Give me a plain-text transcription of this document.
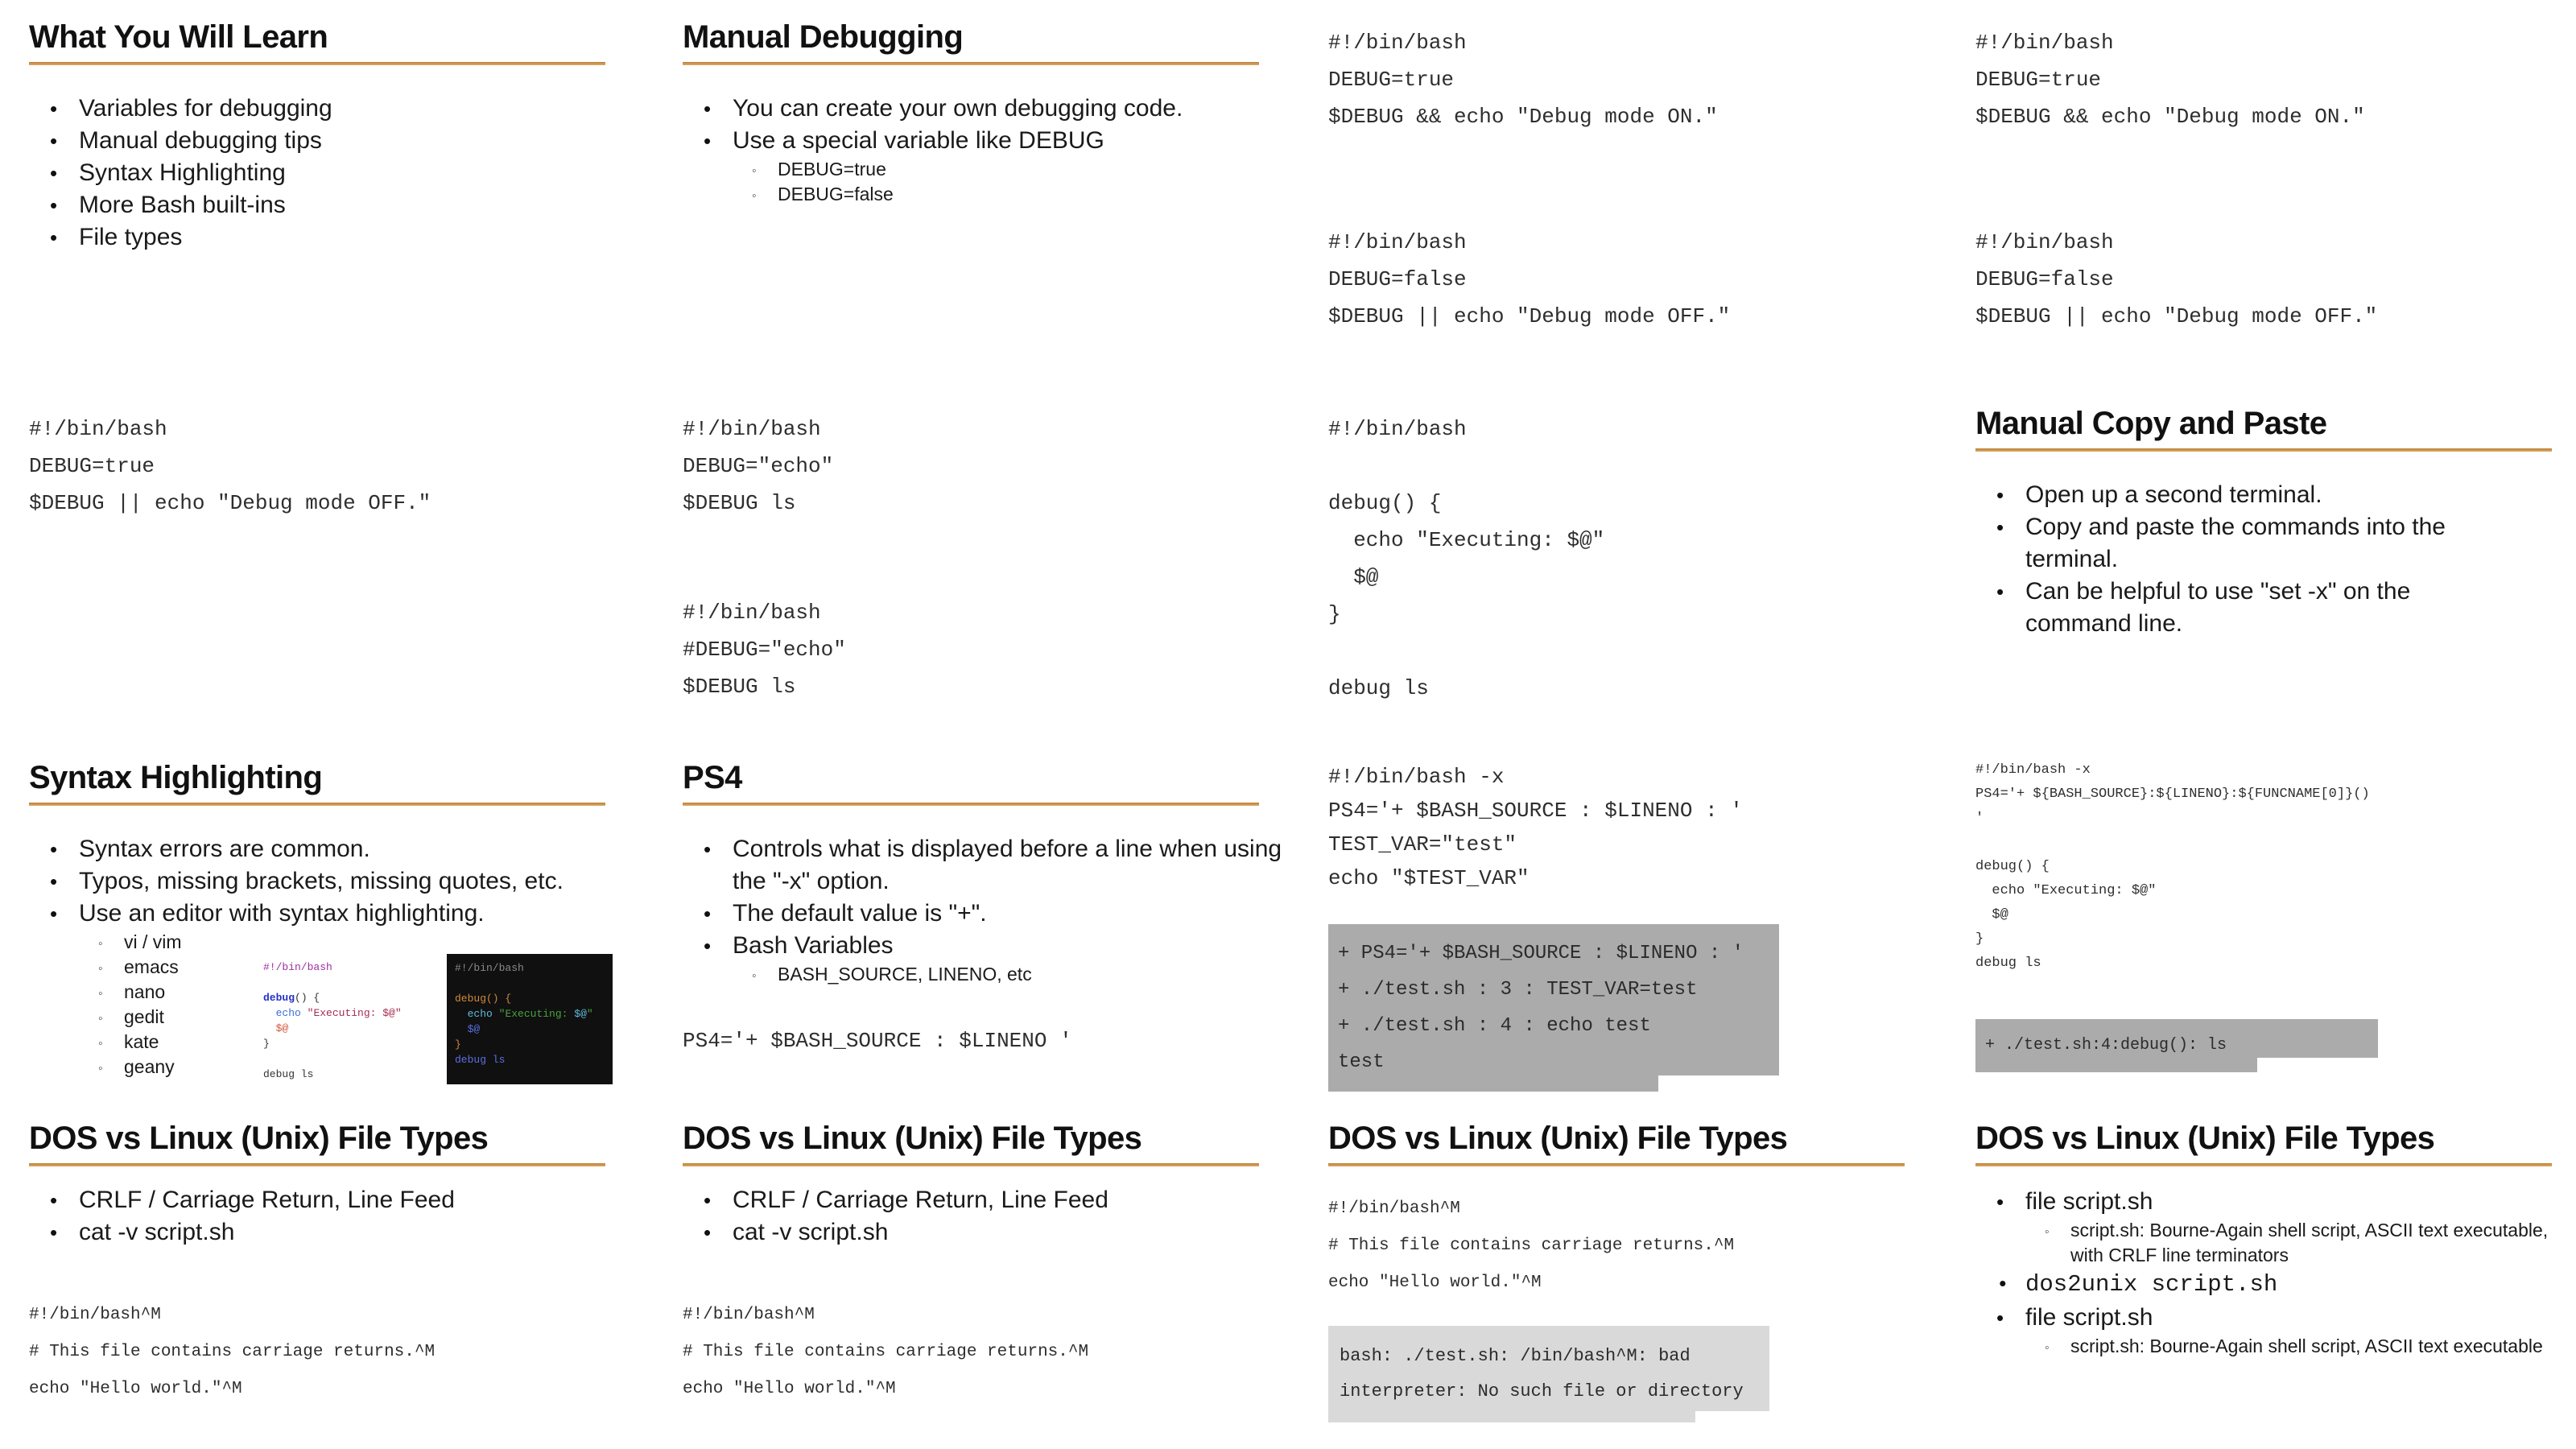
What You Will Learn
• Variables for debugging
• Manual debugging tips
• Syntax Highlighting
• More Bash built-ins
• File types
Manual Debugging
• You can create your own debugging code.
• Use a special variable like DEBUG
◦ DEBUG=true
◦ DEBUG=false
#!/bin/bash
DEBUG=true
$DEBUG && echo "Debug mode ON."
#!/bin/bash
DEBUG=false
$DEBUG || echo "Debug mode OFF."
#!/bin/bash
DEBUG=true
$DEBUG && echo "Debug mode ON."
#!/bin/bash
DEBUG=false
$DEBUG || echo "Debug mode OFF."
#!/bin/bash
DEBUG=true
$DEBUG || echo "Debug mode OFF."
#!/bin/bash
DEBUG="echo"
$DEBUG ls
#!/bin/bash
#DEBUG="echo"
$DEBUG ls
#!/bin/bash
debug() {
echo "Executing: $@"
$@
}
debug ls
Manual Copy and Paste
• Open up a second terminal.
• Copy and paste the commands into the terminal.
• Can be helpful to use "set -x" on the command line.
Syntax Highlighting
• Syntax errors are common.
• Typos, missing brackets, missing quotes, etc.
• Use an editor with syntax highlighting.
◦ vi / vim
◦ emacs
◦ nano
◦ gedit
◦ kate
◦ geany
#!/bin/bash
debug() {
echo "Executing: $@"
$@
}
debug ls
#!/bin/bash
debug() {
echo "Executing: $@"
$@
}
debug ls
PS4
• Controls what is displayed before a line when using the "-x" option.
• The default value is "+".
• Bash Variables
◦ BASH_SOURCE, LINENO, etc
PS4='+ $BASH_SOURCE : $LINENO '
#!/bin/bash -x
PS4='+ $BASH_SOURCE : $LINENO : '
TEST_VAR="test"
echo "$TEST_VAR"
+ PS4='+ $BASH_SOURCE : $LINENO : '
+ ./test.sh : 3 : TEST_VAR=test
+ ./test.sh : 4 : echo test
test
#!/bin/bash -x
PS4='+ ${BASH_SOURCE}:${LINENO}:${FUNCNAME[0]}()
'
debug() {
echo "Executing: $@"
$@
}
debug ls
+ ./test.sh:4:debug(): ls
DOS vs Linux (Unix) File Types
• CRLF / Carriage Return, Line Feed
• cat -v script.sh
#!/bin/bash^M
# This file contains carriage returns.^M
echo "Hello world."^M
DOS vs Linux (Unix) File Types
• CRLF / Carriage Return, Line Feed
• cat -v script.sh
#!/bin/bash^M
# This file contains carriage returns.^M
echo "Hello world."^M
DOS vs Linux (Unix) File Types
#!/bin/bash^M
# This file contains carriage returns.^M
echo "Hello world."^M
bash: ./test.sh: /bin/bash^M: bad
interpreter: No such file or directory
DOS vs Linux (Unix) File Types
• file script.sh
◦ script.sh: Bourne-Again shell script, ASCII text executable, with CRLF line terminators
• dos2unix script.sh
• file script.sh
◦ script.sh: Bourne-Again shell script, ASCII text executable
